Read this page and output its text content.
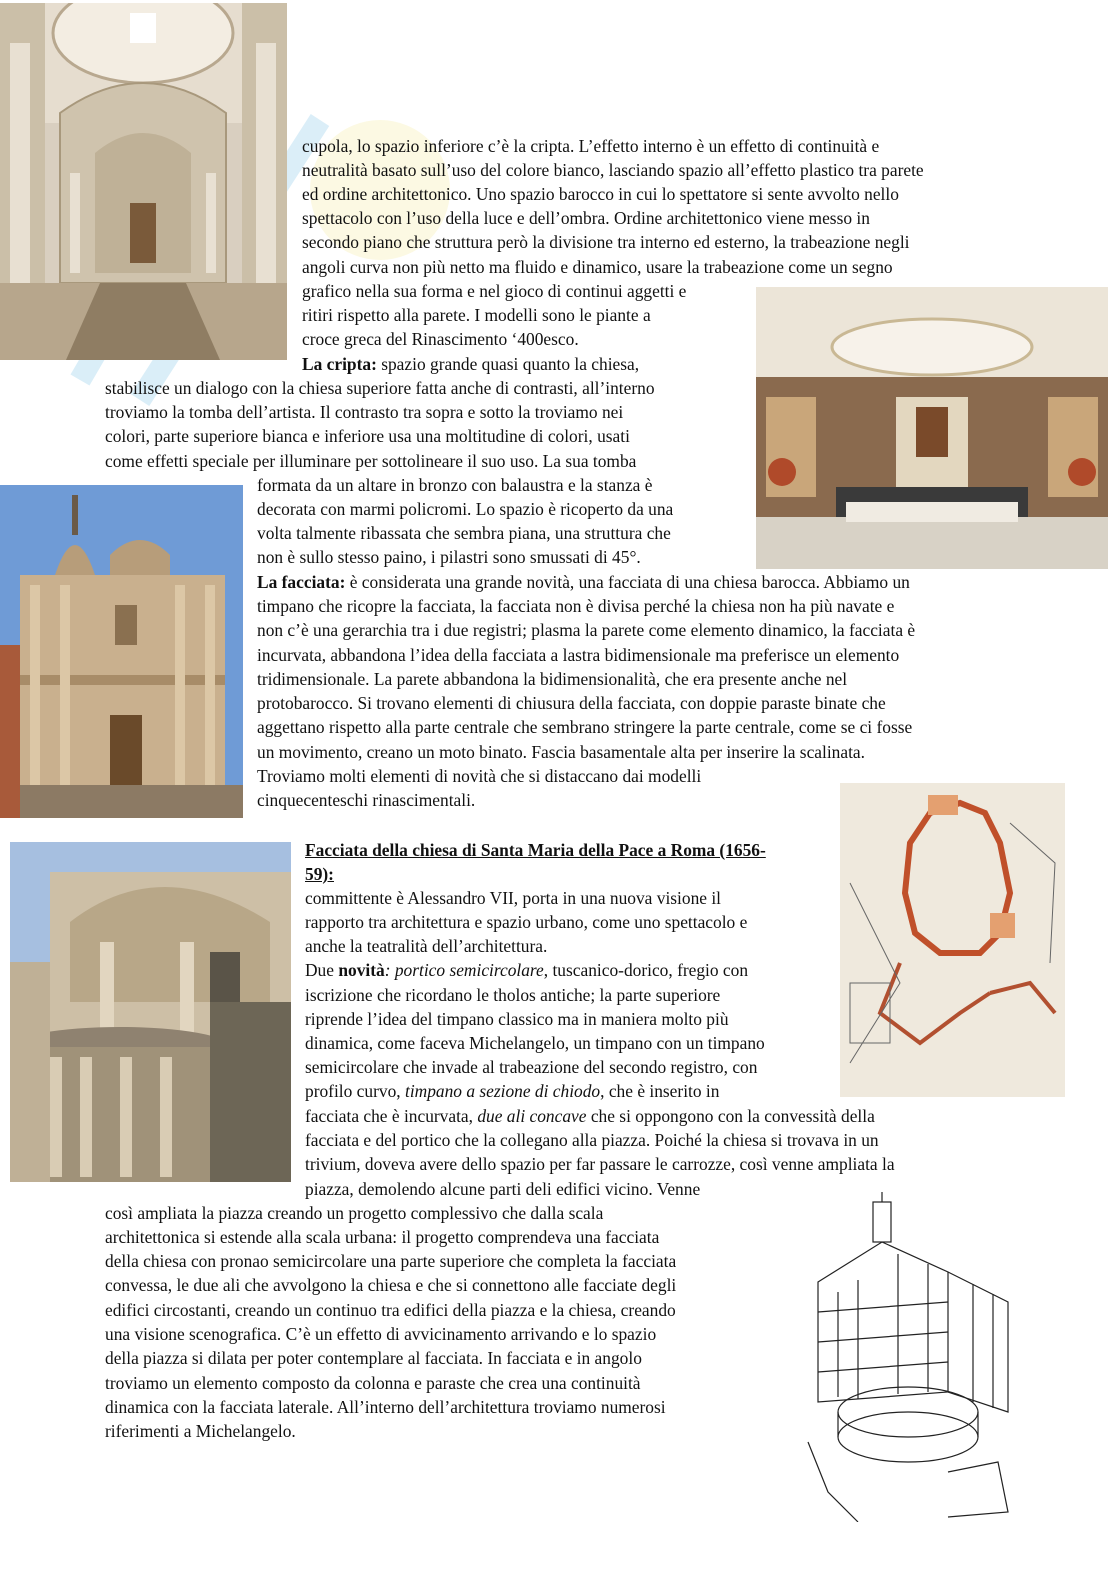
cupola, lo spazio inferiore c’è la cripta. L’effetto interno è un effetto di continuità e
neutralità basato sull’uso del colore bianco, lasciando spazio all’effetto plastico tra parete
ed ordine architettonico. Uno spazio barocco in cui lo spettatore si sente avvolto nello
spettacolo con l’uso della luce e dell’ombra. Ordine architettonico viene messo in
secondo piano che struttura però la divisione tra interno ed esterno, la trabeazione negli
angoli curva non più netto ma fluido e dinamico, usare la trabeazione come un segno
grafico nella sua forma e nel gioco di continui aggetti e
ritiri rispetto alla parete. I modelli sono le piante a
croce greca del Rinascimento ‘400esco.
La cripta: spazio grande quasi quanto la chiesa,
stabilisce un dialogo con la chiesa superiore fatta anche di contrasti, all’interno
troviamo la tomba dell’artista. Il contrasto tra sopra e sotto la troviamo nei
colori, parte superiore bianca e inferiore usa una moltitudine di colori, usati
come effetti speciale per illuminare per sottolineare il suo uso. La sua tomba
formata da un altare in bronzo con balaustra e la stanza è
decorata con marmi policromi. Lo spazio è ricoperto da una
volta talmente ribassata che sembra piana, una struttura che
non è sullo stesso paino, i pilastri sono smussati di 45°.
La facciata: è considerata una grande novità, una facciata di una chiesa barocca. Abbiamo un
timpano che ricopre la facciata, la facciata non è divisa perché la chiesa non ha più navate e
non c’è una gerarchia tra i due registri; plasma la parete come elemento dinamico, la facciata è
incurvata, abbandona l’idea della facciata a lastra bidimensionale ma preferisce un elemento
tridimensionale. La parete abbandona la bidimensionalità, che era presente anche nel
protobarocco. Si trovano elementi di chiusura della facciata, con doppie paraste binate che
aggettano rispetto alla parte centrale che sembrano stringere la parte centrale, come se ci fosse
un movimento, creano un moto binato. Fascia basamentale alta per inserire la scalinata.
Troviamo molti elementi di novità che si distaccano dai modelli
cinquecenteschi rinascimentali.
Facciata della chiesa di Santa Maria della Pace a Roma (1656-
59):
committente è Alessandro VII, porta in una nuova visione il
rapporto tra architettura e spazio urbano, come uno spettacolo e
anche la teatralità dell’architettura.
Due novità: portico semicircolare, tuscanico-dorico, fregio con
iscrizione che ricordano le tholos antiche; la parte superiore
riprende l’idea del timpano classico ma in maniera molto più
dinamica, come faceva Michelangelo, un timpano con un timpano
semicircolare che invade al trabeazione del secondo registro, con
profilo curvo, timpano a sezione di chiodo, che è inserito in
facciata che è incurvata, due ali concave che si oppongono con la convessità della
facciata e del portico che la collegano alla piazza. Poiché la chiesa si trovava in un
trivium, doveva avere dello spazio per far passare le carrozze, così venne ampliata la
piazza, demolendo alcune parti deli edifici vicino. Venne
così ampliata la piazza creando un progetto complessivo che dalla scala
architettonica si estende alla scala urbana: il progetto comprendeva una facciata
della chiesa con pronao semicircolare una parte superiore che completa la facciata
convessa, le due ali che avvolgono la chiesa e che si connettono alle facciate degli
edifici circostanti, creando un continuo tra edifici della piazza e la chiesa, creando
una visione scenografica. C’è un effetto di avvicinamento arrivando e lo spazio
della piazza si dilata per poter contemplare al facciata. In facciata e in angolo
troviamo un elemento composto da colonna e paraste che crea una continuità
dinamica con la facciata laterale. All’interno dell’architettura troviamo numerosi
riferimenti a Michelangelo.
